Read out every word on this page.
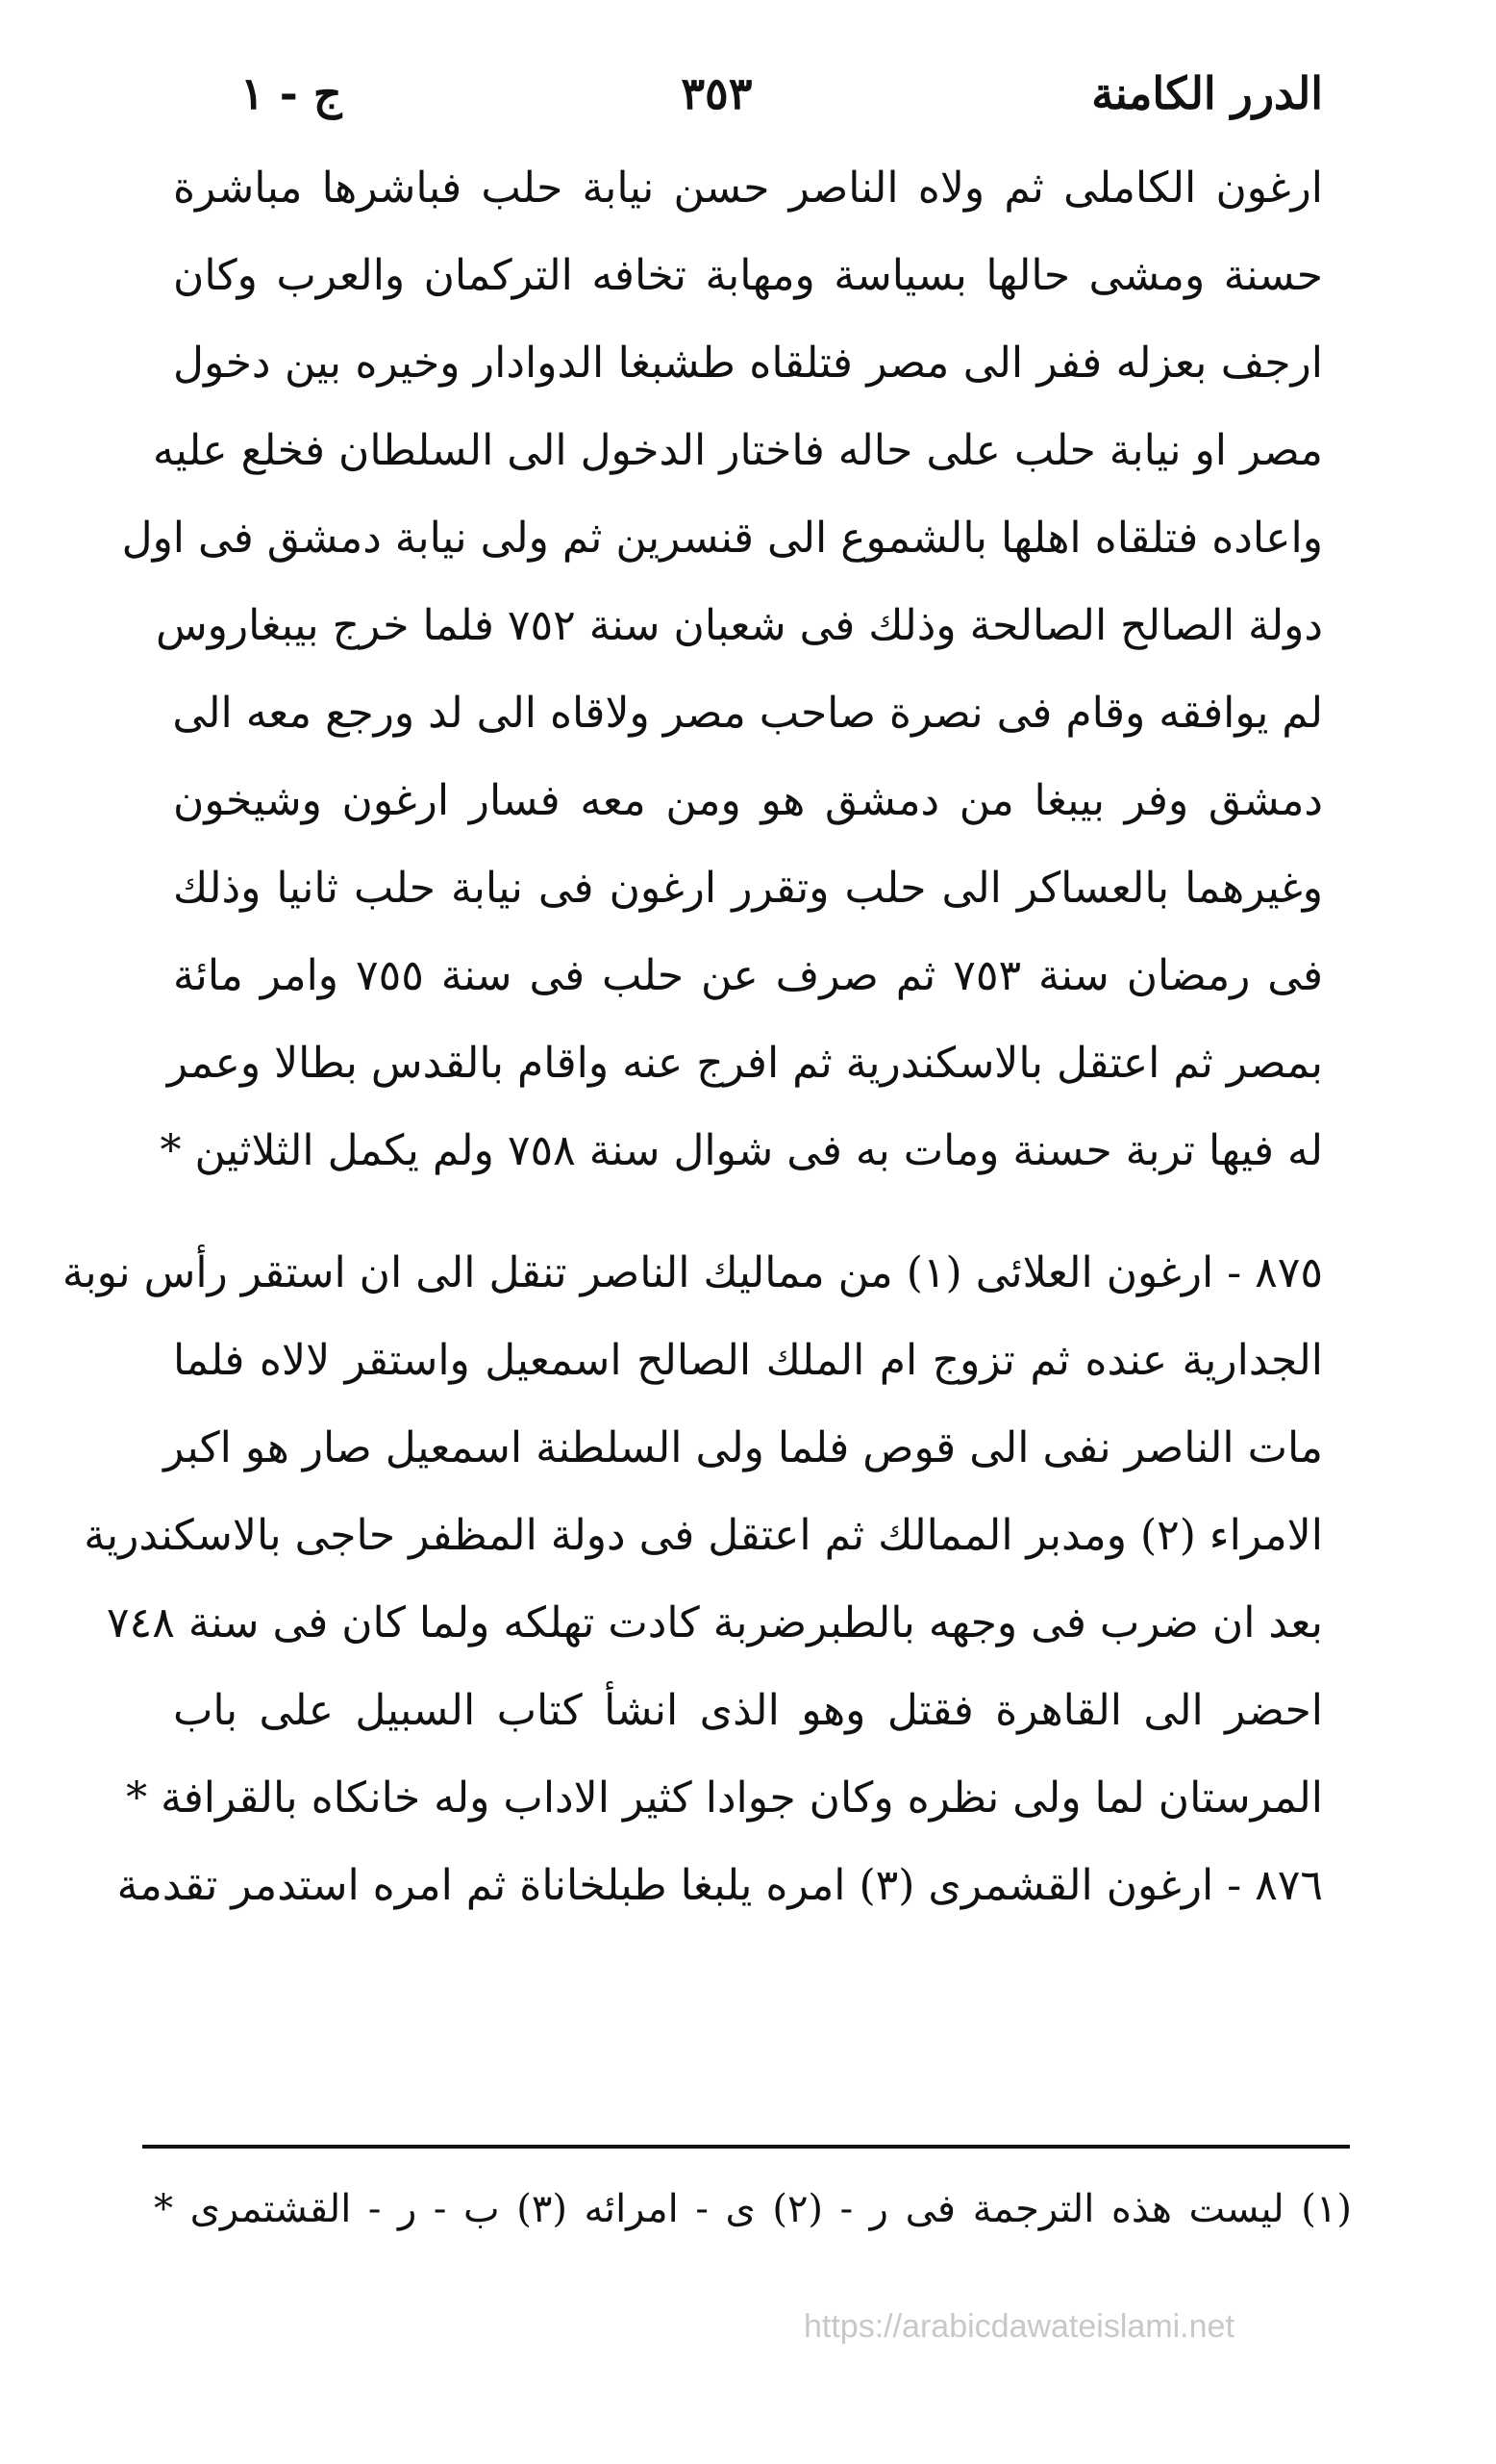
الدرر الكامنة
٣٥٣
ج - ١
ارغون الكاملى ثم ولاه الناصر حسن نيابة حلب فباشرها مباشرة
حسنة ومشى حالها بسياسة ومهابة تخافه التركمان والعرب وكان
ارجف بعزله ففر الى مصر فتلقاه طشبغا الدوادار وخيره بين دخول
مصر او نيابة حلب على حاله فاختار الدخول الى السلطان فخلع عليه
واعاده فتلقاه اهلها بالشموع الى قنسرين ثم ولى نيابة دمشق فى اول
دولة الصالح الصالحة وذلك فى شعبان سنة ٧٥٢ فلما خرج بيبغاروس
لم يوافقه وقام فى نصرة صاحب مصر ولاقاه الى لد ورجع معه الى
دمشق وفر بيبغا من دمشق هو ومن معه فسار ارغون وشيخون
وغيرهما بالعساكر الى حلب وتقرر ارغون فى نيابة حلب ثانيا وذلك
فى رمضان سنة ٧٥٣ ثم صرف عن حلب فى سنة ٧٥٥ وامر مائة
بمصر ثم اعتقل بالاسكندرية ثم افرج عنه واقام بالقدس بطالا وعمر
له فيها تربة حسنة ومات به فى شوال سنة ٧٥٨ ولم يكمل الثلاثين *
٨٧٥ - ارغون العلائى (١) من مماليك الناصر تنقل الى ان استقر رأس نوبة
الجدارية عنده ثم تزوج ام الملك الصالح اسمعيل واستقر لالاه فلما
مات الناصر نفى الى قوص فلما ولى السلطنة اسمعيل صار هو اكبر
الامراء (٢) ومدبر الممالك ثم اعتقل فى دولة المظفر حاجى بالاسكندرية
بعد ان ضرب فى وجهه بالطبرضربة كادت تهلكه ولما كان فى سنة ٧٤٨
احضر الى القاهرة فقتل وهو الذى انشأ كتاب السبيل على باب
المرستان لما ولى نظره وكان جوادا كثير الاداب وله خانكاه بالقرافة *
٨٧٦ - ارغون القشمرى (٣) امره يلبغا طبلخاناة ثم امره استدمر تقدمة
(١) ليست هذه الترجمة فى ر - (٢) ى - امرائه (٣) ب - ر - القشتمرى *
https://arabicdawateislami.net
